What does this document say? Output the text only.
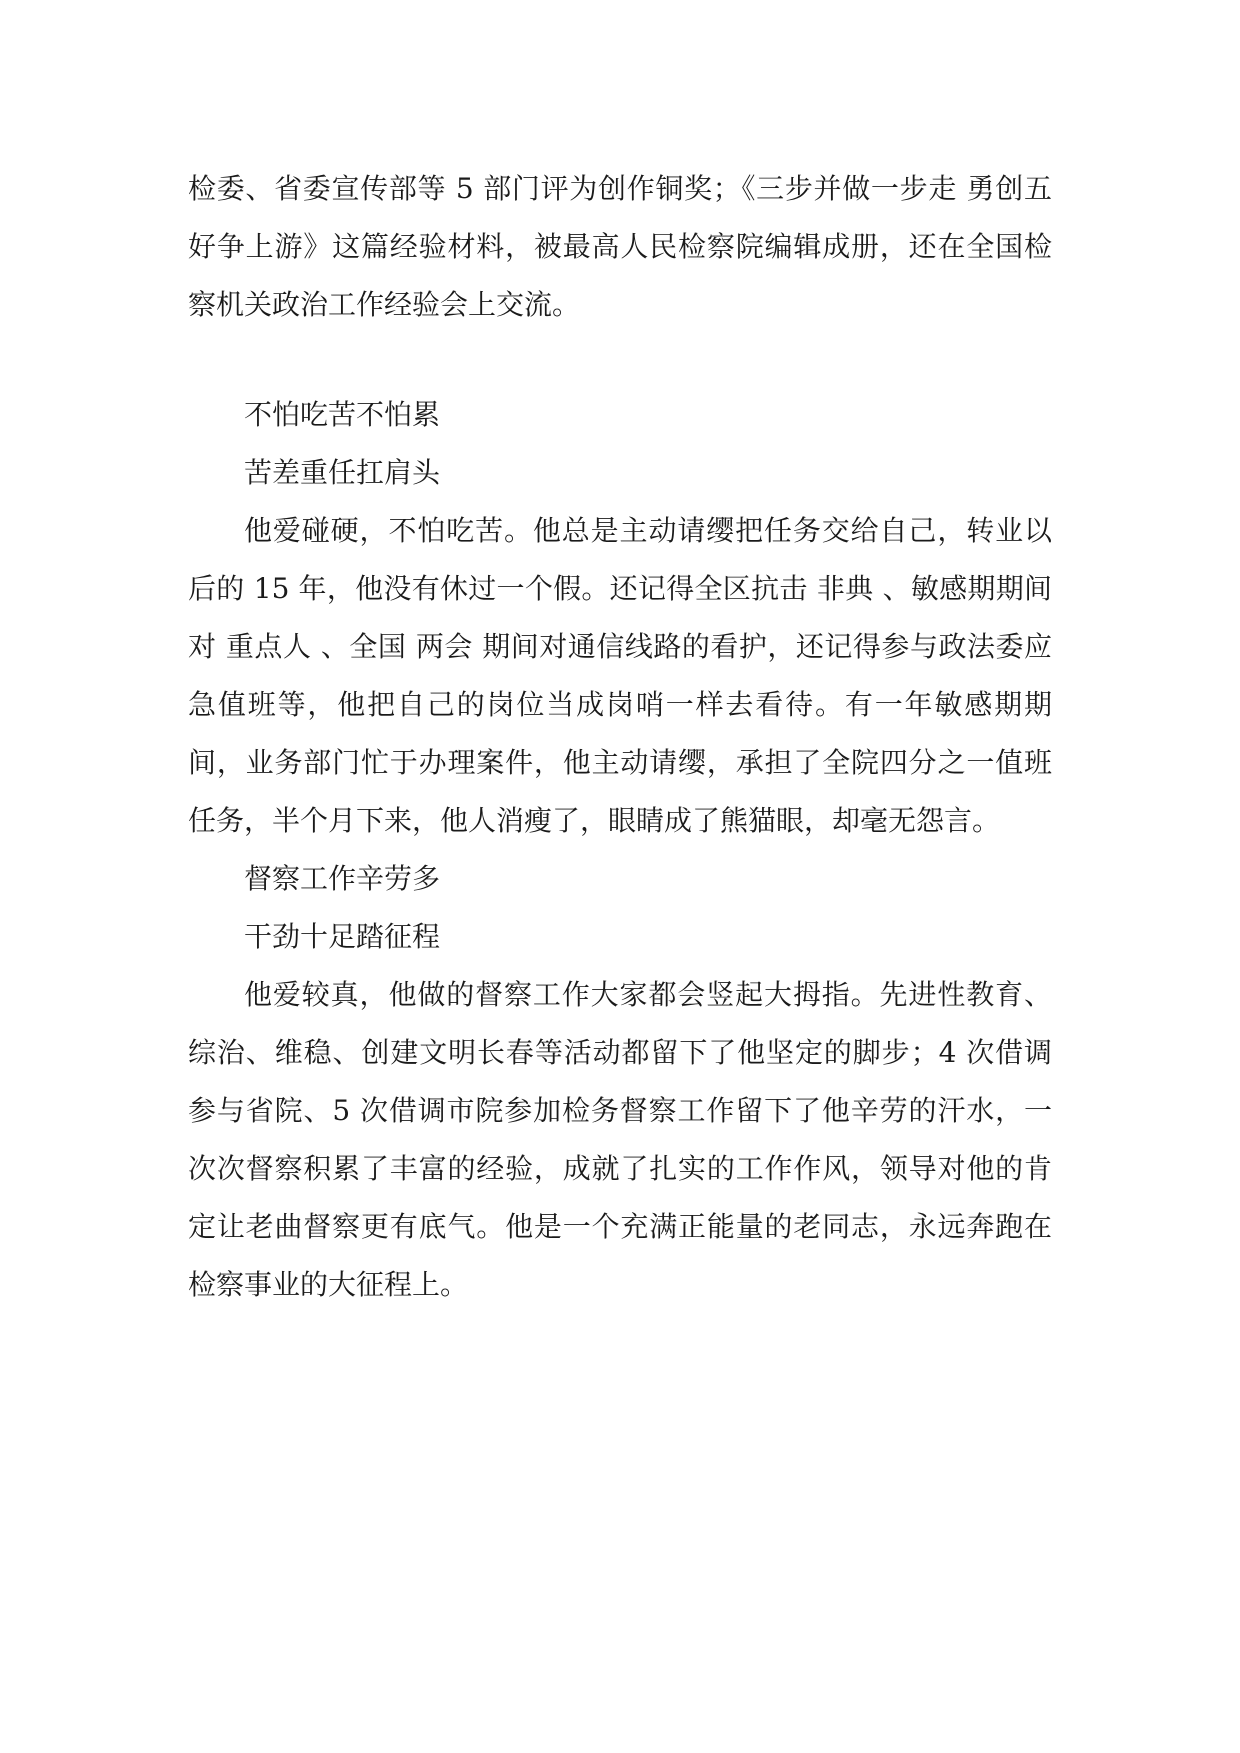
检委、省委宣传部等 5 部门评为创作铜奖；《三步并做一步走 勇创五好争上游》这篇经验材料，被最高人民检察院编辑成册，还在全国检察机关政治工作经验会上交流。

不怕吃苦不怕累

苦差重任扛肩头

他爱碰硬，不怕吃苦。他总是主动请缨把任务交给自己，转业以后的 15 年，他没有休过一个假。还记得全区抗击 非典 、敏感期期间对 重点人 、全国 两会 期间对通信线路的看护，还记得参与政法委应急值班等，他把自己的岗位当成岗哨一样去看待。有一年敏感期期间，业务部门忙于办理案件，他主动请缨，承担了全院四分之一值班任务，半个月下来，他人消瘦了，眼睛成了熊猫眼，却毫无怨言。

督察工作辛劳多

干劲十足踏征程

他爱较真，他做的督察工作大家都会竖起大拇指。先进性教育、综治、维稳、创建文明长春等活动都留下了他坚定的脚步；4 次借调参与省院、5 次借调市院参加检务督察工作留下了他辛劳的汗水，一次次督察积累了丰富的经验，成就了扎实的工作作风，领导对他的肯定让老曲督察更有底气。他是一个充满正能量的老同志，永远奔跑在检察事业的大征程上。
